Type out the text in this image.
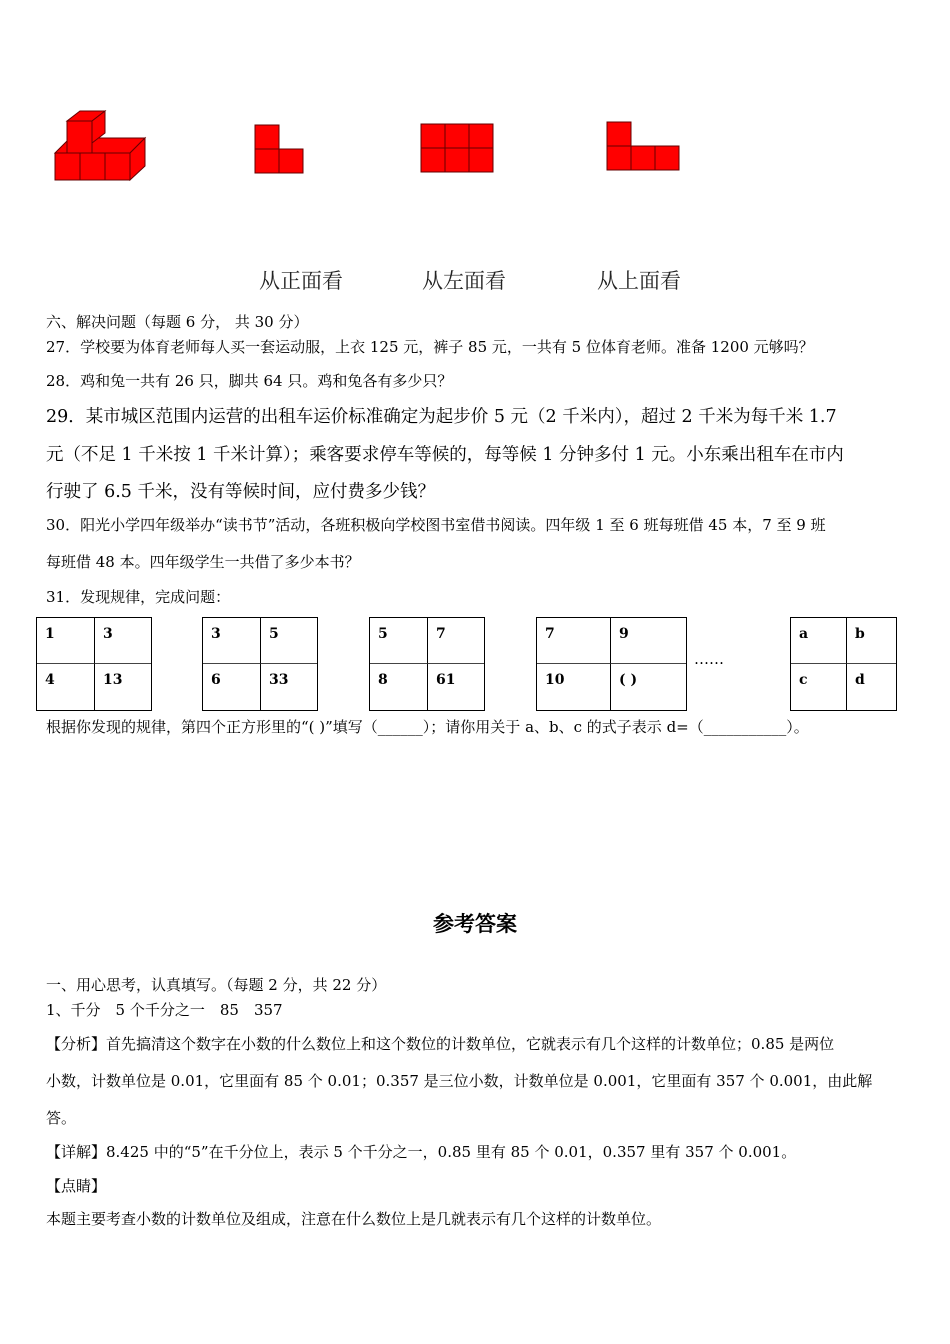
从正面看	从左面看	从上面看
六、解决问题（每题 6 分， 共 30 分）
27．学校要为体育老师每人买一套运动服，上衣 125 元，裤子 85 元，一共有 5 位体育老师。准备 1200 元够吗？
28．鸡和兔一共有 26 只，脚共 64 只。鸡和兔各有多少只？
29．某市城区范围内运营的出租车运价标准确定为起步价 5 元（2 千米内），超过 2 千米为每千米 1.7
元（不足 1 千米按 1 千米计算）；乘客要求停车等候的，每等候 1 分钟多付 1 元。小东乘出租车在市内
行驶了 6.5 千米，没有等候时间，应付费多少钱？
30．阳光小学四年级举办“读书节”活动，各班积极向学校图书室借书阅读。四年级 1 至 6 班每班借 45 本，7 至 9 班
每班借 48 本。四年级学生一共借了多少本书？
31．发现规律，完成问题：
1	3
4	13
3	5
6	33
5	7
8	61
7	9
10	( )
……
a	b
c	d
根据你发现的规律，第四个正方形里的“( )”填写（______）；请你用关于 a、b、c 的式子表示 d=（___________）。
参考答案
一、用心思考，认真填写。（每题 2 分，共 22 分）
1、千分　5 个千分之一　85　357
【分析】首先搞清这个数字在小数的什么数位上和这个数位的计数单位，它就表示有几个这样的计数单位；0.85 是两位
小数，计数单位是 0.01，它里面有 85 个 0.01；0.357 是三位小数，计数单位是 0.001，它里面有 357 个 0.001，由此解
答。
【详解】8.425 中的“5”在千分位上，表示 5 个千分之一，0.85 里有 85 个 0.01，0.357 里有 357 个 0.001。
【点睛】
本题主要考查小数的计数单位及组成，注意在什么数位上是几就表示有几个这样的计数单位。
